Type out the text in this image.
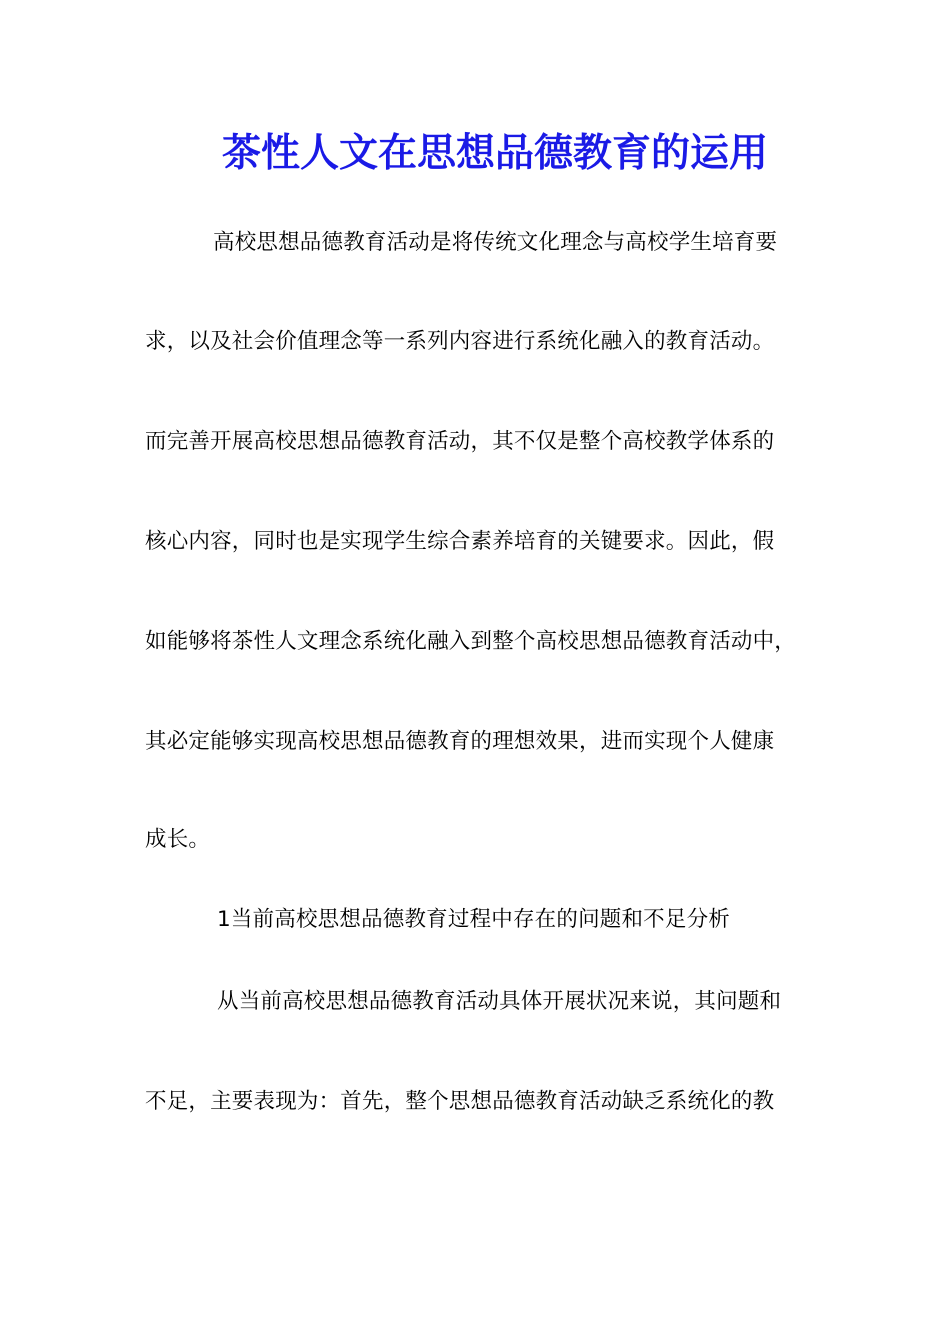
茶性人文在思想品德教育的运用
高校思想品德教育活动是将传统文化理念与高校学生培育要
求，以及社会价值理念等一系列内容进行系统化融入的教育活动。
而完善开展高校思想品德教育活动，其不仅是整个高校教学体系的
核心内容，同时也是实现学生综合素养培育的关键要求。因此，假
如能够将茶性人文理念系统化融入到整个高校思想品德教育活动中，
其必定能够实现高校思想品德教育的理想效果，进而实现个人健康
成长。
1当前高校思想品德教育过程中存在的问题和不足分析
从当前高校思想品德教育活动具体开展状况来说，其问题和
不足，主要表现为：首先，整个思想品德教育活动缺乏系统化的教
